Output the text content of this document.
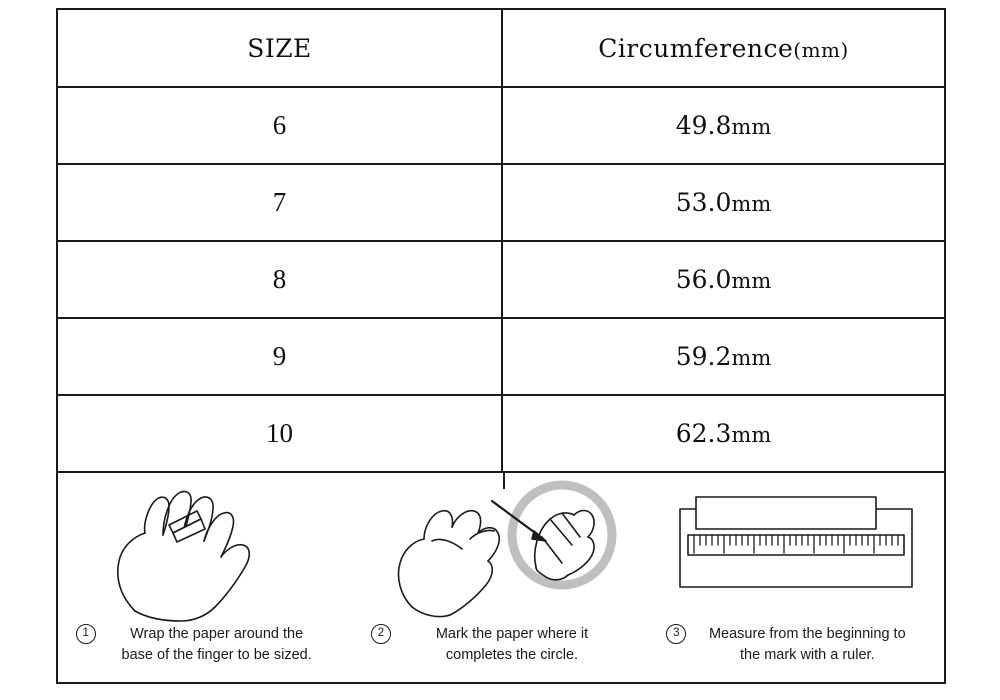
SIZE	Circumference(mm)
6	49.8mm
7	53.0mm
8	56.0mm
9	59.2mm
10	62.3mm
1	Wrap the paper around the
base of the finger to be sized.
2	Mark the paper where it
completes the circle.
3	Measure from the beginning to
the mark with a ruler.
